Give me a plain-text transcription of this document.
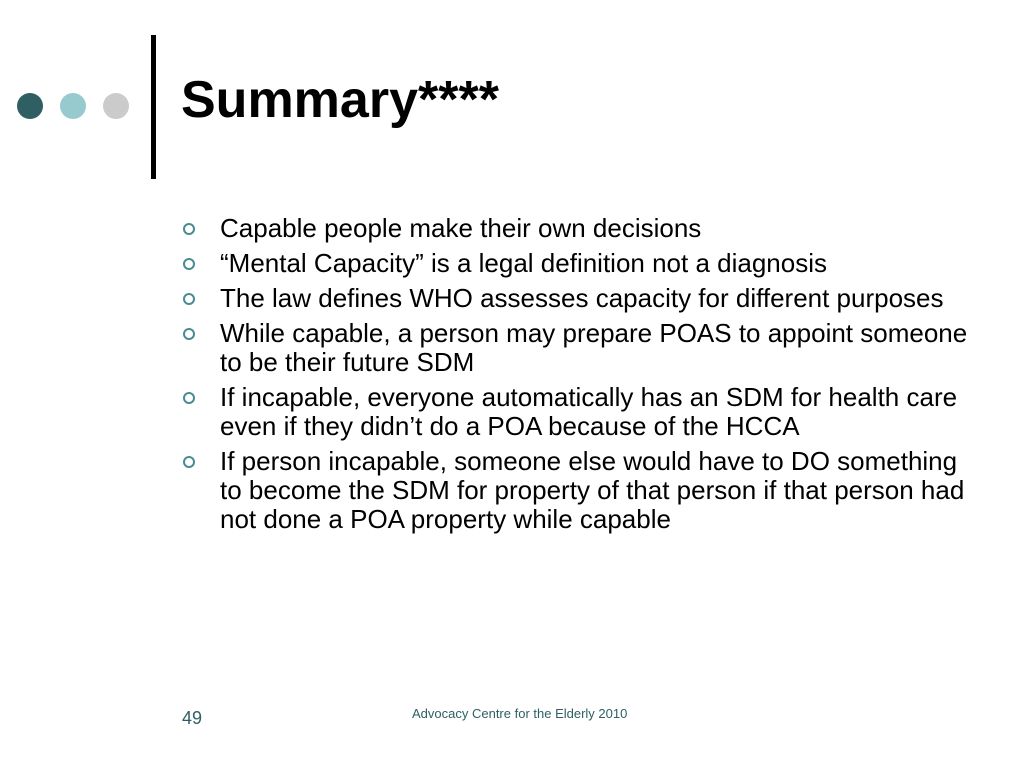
Summary****
Capable people make their own decisions
“Mental Capacity” is a legal definition not a diagnosis
The law defines WHO assesses capacity for different purposes
While capable, a person may prepare POAS to appoint someone to be their future SDM
If incapable, everyone automatically has an SDM for health care even if they didn’t do a POA because of the HCCA
If person incapable, someone else would have to DO something to become the SDM for property of that person if that person had not done a POA property while capable
49	Advocacy Centre for the Elderly 2010
